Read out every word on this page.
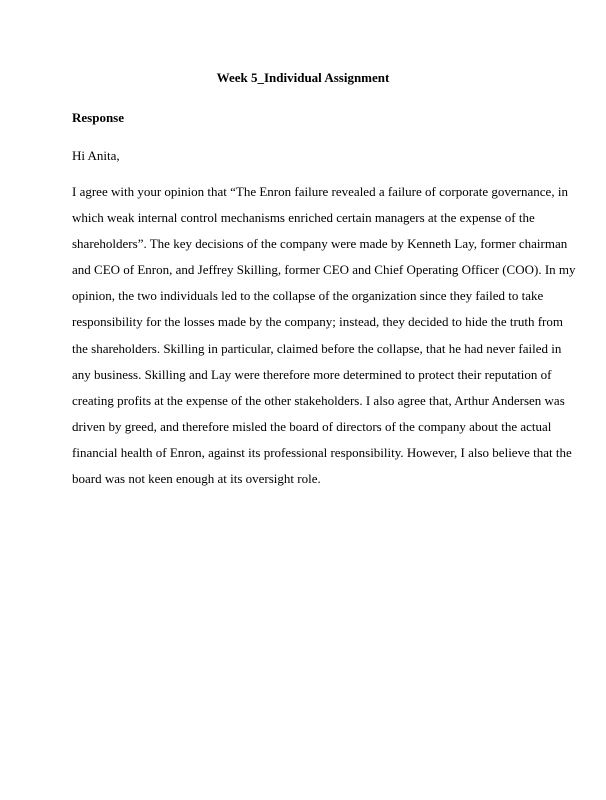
Week 5_Individual Assignment
Response

Hi Anita,

I agree with your opinion that “The Enron failure revealed a failure of corporate governance, in
which weak internal control mechanisms enriched certain managers at the expense of the
shareholders”. The key decisions of the company were made by Kenneth Lay, former chairman
and CEO of Enron, and Jeffrey Skilling, former CEO and Chief Operating Officer (COO). In my
opinion, the two individuals led to the collapse of the organization since they failed to take
responsibility for the losses made by the company; instead, they decided to hide the truth from
the shareholders. Skilling in particular, claimed before the collapse, that he had never failed in
any business. Skilling and Lay were therefore more determined to protect their reputation of
creating profits at the expense of the other stakeholders. I also agree that, Arthur Andersen was
driven by greed, and therefore misled the board of directors of the company about the actual
financial health of Enron, against its professional responsibility. However, I also believe that the
board was not keen enough at its oversight role.
